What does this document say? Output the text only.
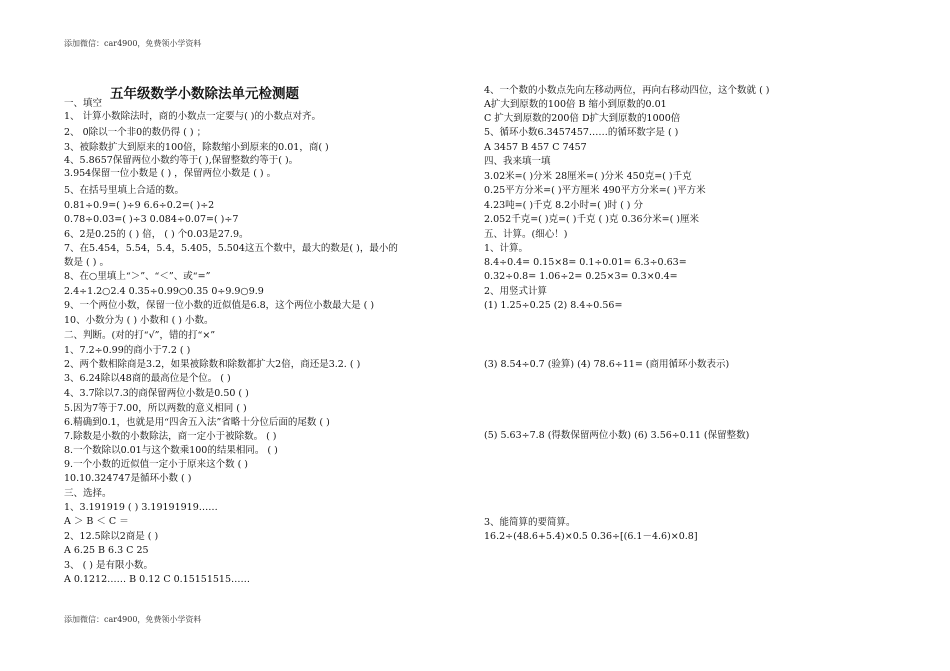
添加微信：car4900，免费领小学资料
五年级数学小数除法单元检测题
一、填空
1、 计算小数除法时，商的小数点一定要与( )的小数点对齐。
2、 0除以一个非0的数仍得 ( ) ；
3、被除数扩大到原来的100倍，除数缩小到原来的0.01，商( )
4、5.8657保留两位小数约等于( ),保留整数约等于( )。
3.954保留一位小数是 ( ) ，保留两位小数是 ( ) 。
5、在括号里填上合适的数。
0.81÷0.9=( )÷9 6.6÷0.2=( )÷2
0.78÷0.03=( )÷3 0.084÷0.07=( )÷7
6、2是0.25的 ( ) 倍， ( ) 个0.03是27.9。
7、在5.454，5.54，5.4，5.405，5.504这五个数中，最大的数是( )，最小的
数是 ( ) 。
8、在○里填上“＞”、“＜”、或“=”
2.4÷1.2○2.4 0.35÷0.99○0.35 0÷9.9○9.9
9、一个两位小数，保留一位小数的近似值是6.8，这个两位小数最大是 ( )
10、小数分为 ( ) 小数和 ( ) 小数。
二、判断。(对的打“√”，错的打“×”
1、7.2÷0.99的商小于7.2 ( )
2、两个数相除商是3.2，如果被除数和除数都扩大2倍，商还是3.2. ( )
3、6.24除以48商的最高位是个位。 ( )
4、3.7除以7.3的商保留两位小数是0.50 ( )
5.因为7等于7.00，所以两数的意义相同 ( )
6.精确到0.1，也就是用“四舍五入法”省略十分位后面的尾数 ( )
7.除数是小数的小数除法，商一定小于被除数。 ( )
8.一个数除以0.01与这个数乘100的结果相同。 ( )
9.一个小数的近似值一定小于原来这个数 ( )
10.10.324747是循环小数 ( )
三、选择。
1、3.191919 ( ) 3.19191919……
A ＞ B ＜ C ＝
2、12.5除以2商是 ( )
A 6.25 B 6.3 C 25
3、 ( ) 是有限小数。
A 0.1212…… B 0.12 C 0.15151515……
4、一个数的小数点先向左移动两位，再向右移动四位，这个数就 ( )
A扩大到原数的100倍 B 缩小到原数的0.01
C 扩大到原数的200倍 D扩大到原数的1000倍
5、循环小数6.3457457……的循环数字是 ( )
A 3457 B 457 C 7457
四、我来填一填
3.02米=( )分米 28厘米=( )分米 450克=( )千克
0.25平方分米=( )平方厘米 490平方分米=( )平方米
4.23吨=( )千克 8.2小时=( )时 ( ) 分
2.052千克=( )克=( )千克 ( )克 0.36分米=( )厘米
五、计算。(细心！)
1、计算。
8.4÷0.4= 0.15×8= 0.1÷0.01= 6.3÷0.63=
0.32÷0.8= 1.06÷2= 0.25×3= 0.3×0.4=
2、用竖式计算
(1) 1.25÷0.25 (2) 8.4÷0.56=
(3) 8.54÷0.7 (验算) (4) 78.6÷11= (商用循环小数表示)
(5) 5.63÷7.8 (得数保留两位小数) (6) 3.56÷0.11 (保留整数)
3、能简算的要简算。
16.2÷(48.6+5.4)×0.5 0.36÷[(6.1－4.6)×0.8]
添加微信：car4900，免费领小学资料
